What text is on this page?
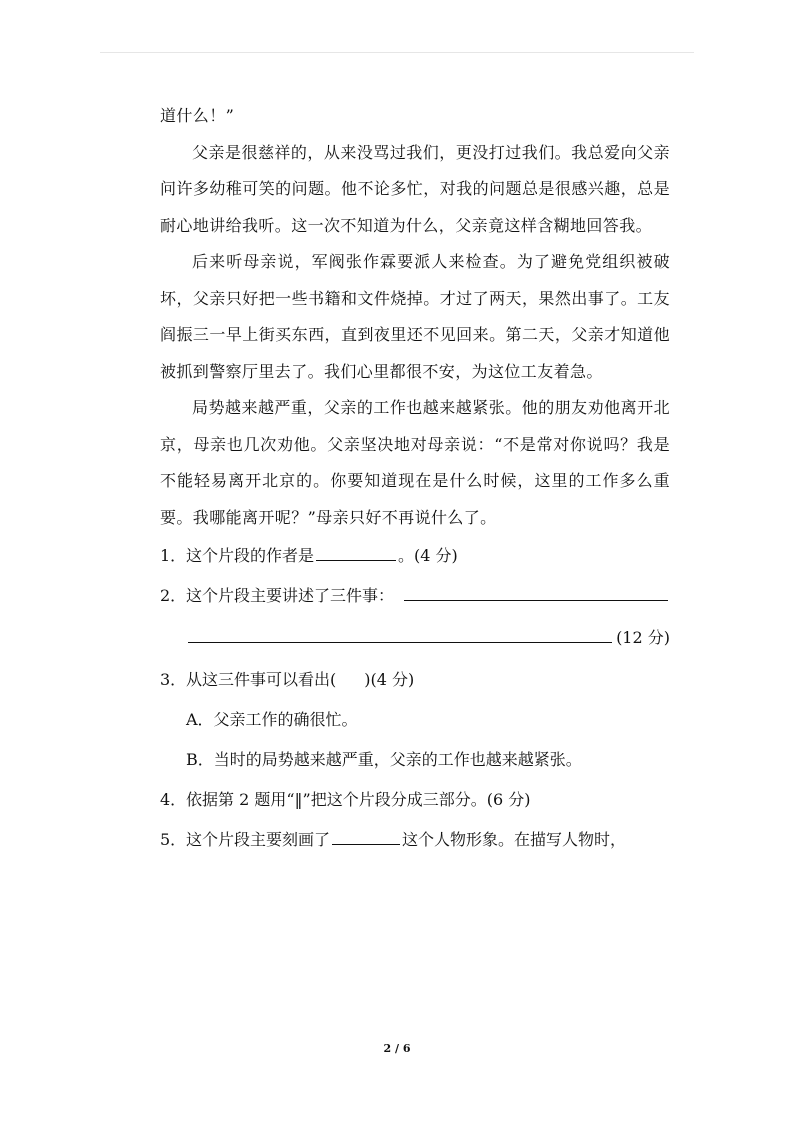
道什么！”

父亲是很慈祥的，从来没骂过我们，更没打过我们。我总爱向父亲问许多幼稚可笑的问题。他不论多忙，对我的问题总是很感兴趣，总是耐心地讲给我听。这一次不知道为什么，父亲竟这样含糊地回答我。

后来听母亲说，军阀张作霖要派人来检查。为了避免党组织被破坏，父亲只好把一些书籍和文件烧掉。才过了两天，果然出事了。工友阎振三一早上街买东西，直到夜里还不见回来。第二天，父亲才知道他被抓到警察厅里去了。我们心里都很不安，为这位工友着急。

局势越来越严重，父亲的工作也越来越紧张。他的朋友劝他离开北京，母亲也几次劝他。父亲坚决地对母亲说：“不是常对你说吗？我是不能轻易离开北京的。你要知道现在是什么时候，这里的工作多么重要。我哪能离开呢？”母亲只好不再说什么了。

1． 这个片段的作者是	。(4 分)
2． 这个片段主要讲述了三件事：
(12 分)
3． 从这三件事可以看出( )(4 分)
A．父亲工作的确很忙。
B．当时的局势越来越严重，父亲的工作也越来越紧张。
4． 依据第 2 题用“‖”把这个片段分成三部分。(6 分)
5． 这个片段主要刻画了	这个人物形象。在描写人物时，
2 / 6
